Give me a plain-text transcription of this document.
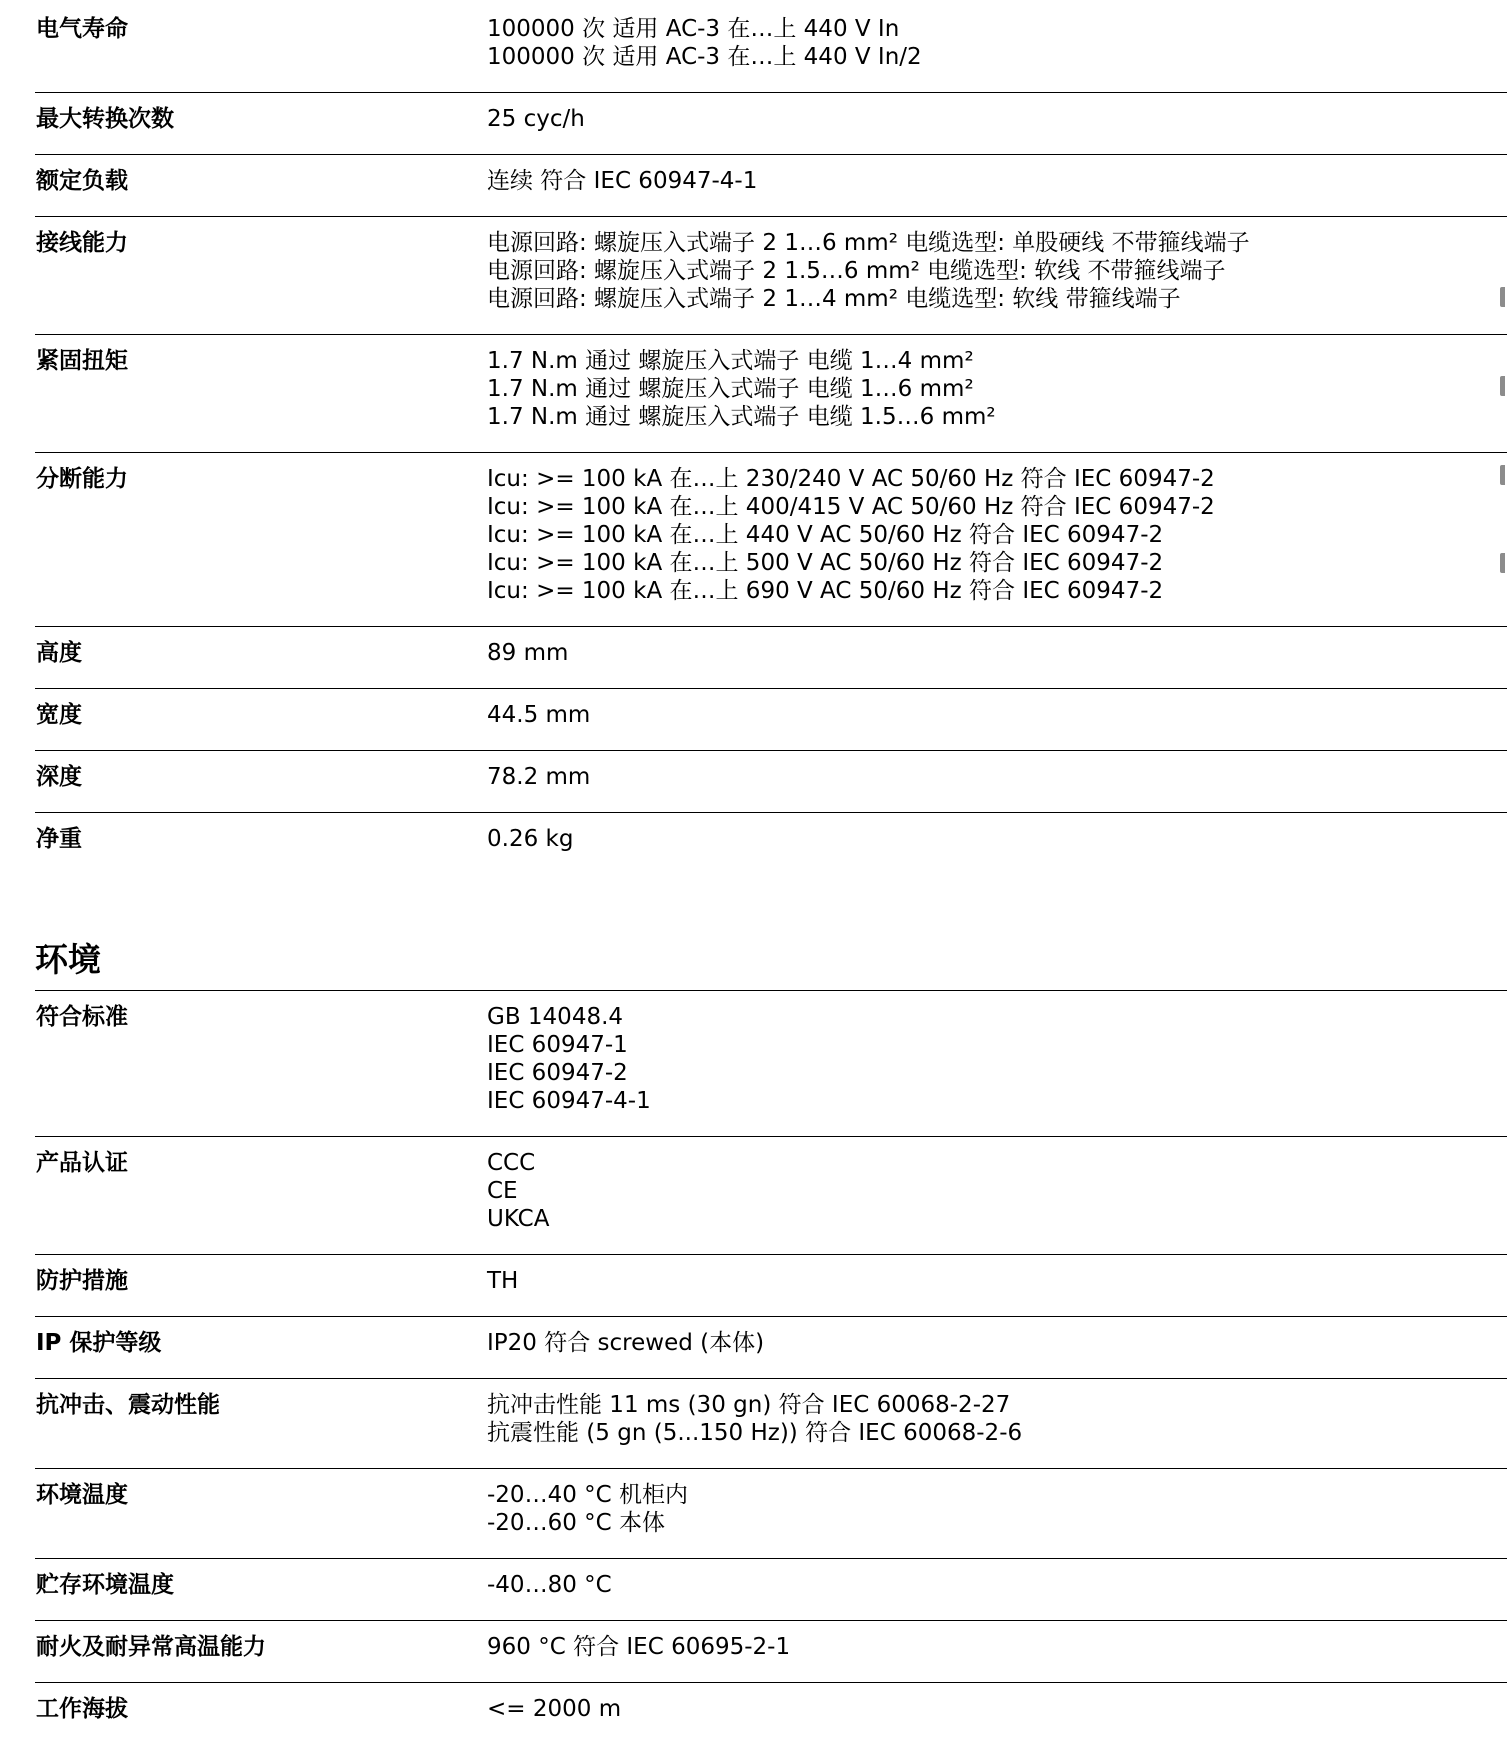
电气寿命	100000 次 适用 AC-3 在…上 440 V In
100000 次 适用 AC-3 在…上 440 V In/2

最大转换次数	25 cyc/h

额定负载	连续 符合 IEC 60947-4-1

接线能力	电源回路: 螺旋压入式端子 2 1…6 mm² 电缆选型: 单股硬线 不带箍线端子
电源回路: 螺旋压入式端子 2 1.5…6 mm² 电缆选型: 软线 不带箍线端子
电源回路: 螺旋压入式端子 2 1…4 mm² 电缆选型: 软线 带箍线端子

紧固扭矩	1.7 N.m 通过 螺旋压入式端子 电缆 1…4 mm²
1.7 N.m 通过 螺旋压入式端子 电缆 1…6 mm²
1.7 N.m 通过 螺旋压入式端子 电缆 1.5…6 mm²

分断能力	Icu: >= 100 kA 在…上 230/240 V AC 50/60 Hz 符合 IEC 60947-2
Icu: >= 100 kA 在…上 400/415 V AC 50/60 Hz 符合 IEC 60947-2
Icu: >= 100 kA 在…上 440 V AC 50/60 Hz 符合 IEC 60947-2
Icu: >= 100 kA 在…上 500 V AC 50/60 Hz 符合 IEC 60947-2
Icu: >= 100 kA 在…上 690 V AC 50/60 Hz 符合 IEC 60947-2

高度	89 mm

宽度	44.5 mm

深度	78.2 mm

净重	0.26 kg
环境
符合标准	GB 14048.4
IEC 60947-1
IEC 60947-2
IEC 60947-4-1

产品认证	CCC
CE
UKCA

防护措施	TH

IP 保护等级	IP20 符合 screwed (本体)

抗冲击、震动性能	抗冲击性能 11 ms (30 gn) 符合 IEC 60068-2-27
抗震性能 (5 gn (5...150 Hz)) 符合 IEC 60068-2-6

环境温度	-20…40 °C 机柜内
-20…60 °C 本体

贮存环境温度	-40…80 °C

耐火及耐异常高温能力	960 °C 符合 IEC 60695-2-1

工作海拔	<= 2000 m
